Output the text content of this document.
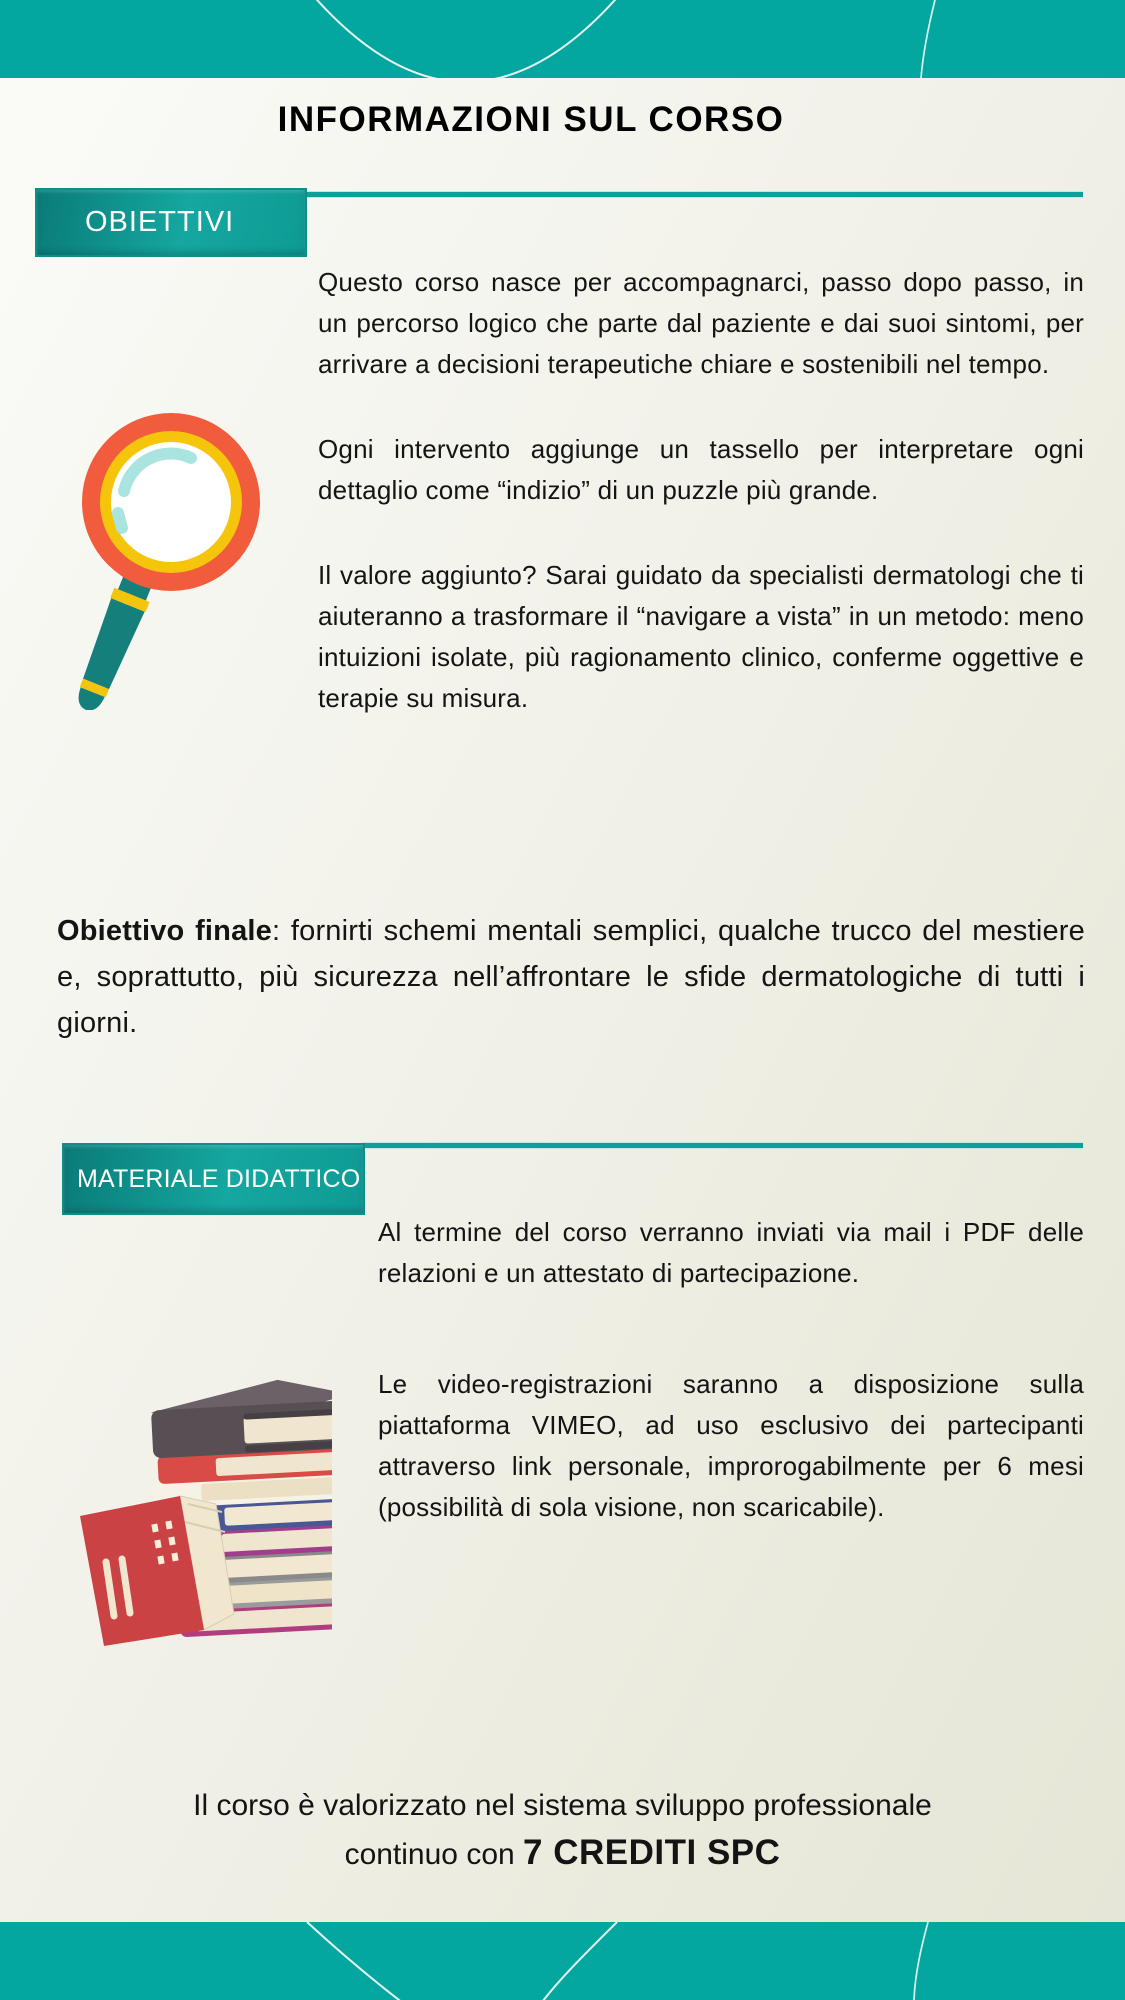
INFORMAZIONI SUL CORSO
OBIETTIVI

Questo corso nasce per accompagnarci, passo dopo passo, in un percorso logico che parte dal paziente e dai suoi sintomi, per arrivare a decisioni terapeutiche chiare e sostenibili nel tempo.

Ogni intervento aggiunge un tassello per interpretare ogni dettaglio come “indizio” di un puzzle più grande.

Il valore aggiunto? Sarai guidato da specialisti dermatologi che ti aiuteranno a trasformare il “navigare a vista” in un metodo: meno intuizioni isolate, più ragionamento clinico, conferme oggettive e terapie su misura.

Obiettivo finale: fornirti schemi mentali semplici, qualche trucco del mestiere e, soprattutto, più sicurezza nell’affrontare le sfide dermatologiche di tutti i giorni.

MATERIALE DIDATTICO

Al termine del corso verranno inviati via mail i PDF delle relazioni e un attestato di partecipazione.

Le video-registrazioni saranno a disposizione sulla piattaforma VIMEO, ad uso esclusivo dei partecipanti attraverso link personale, improrogabilmente per 6 mesi (possibilità di sola visione, non scaricabile).

Il corso è valorizzato nel sistema sviluppo professionale
continuo con 7 CREDITI SPC
